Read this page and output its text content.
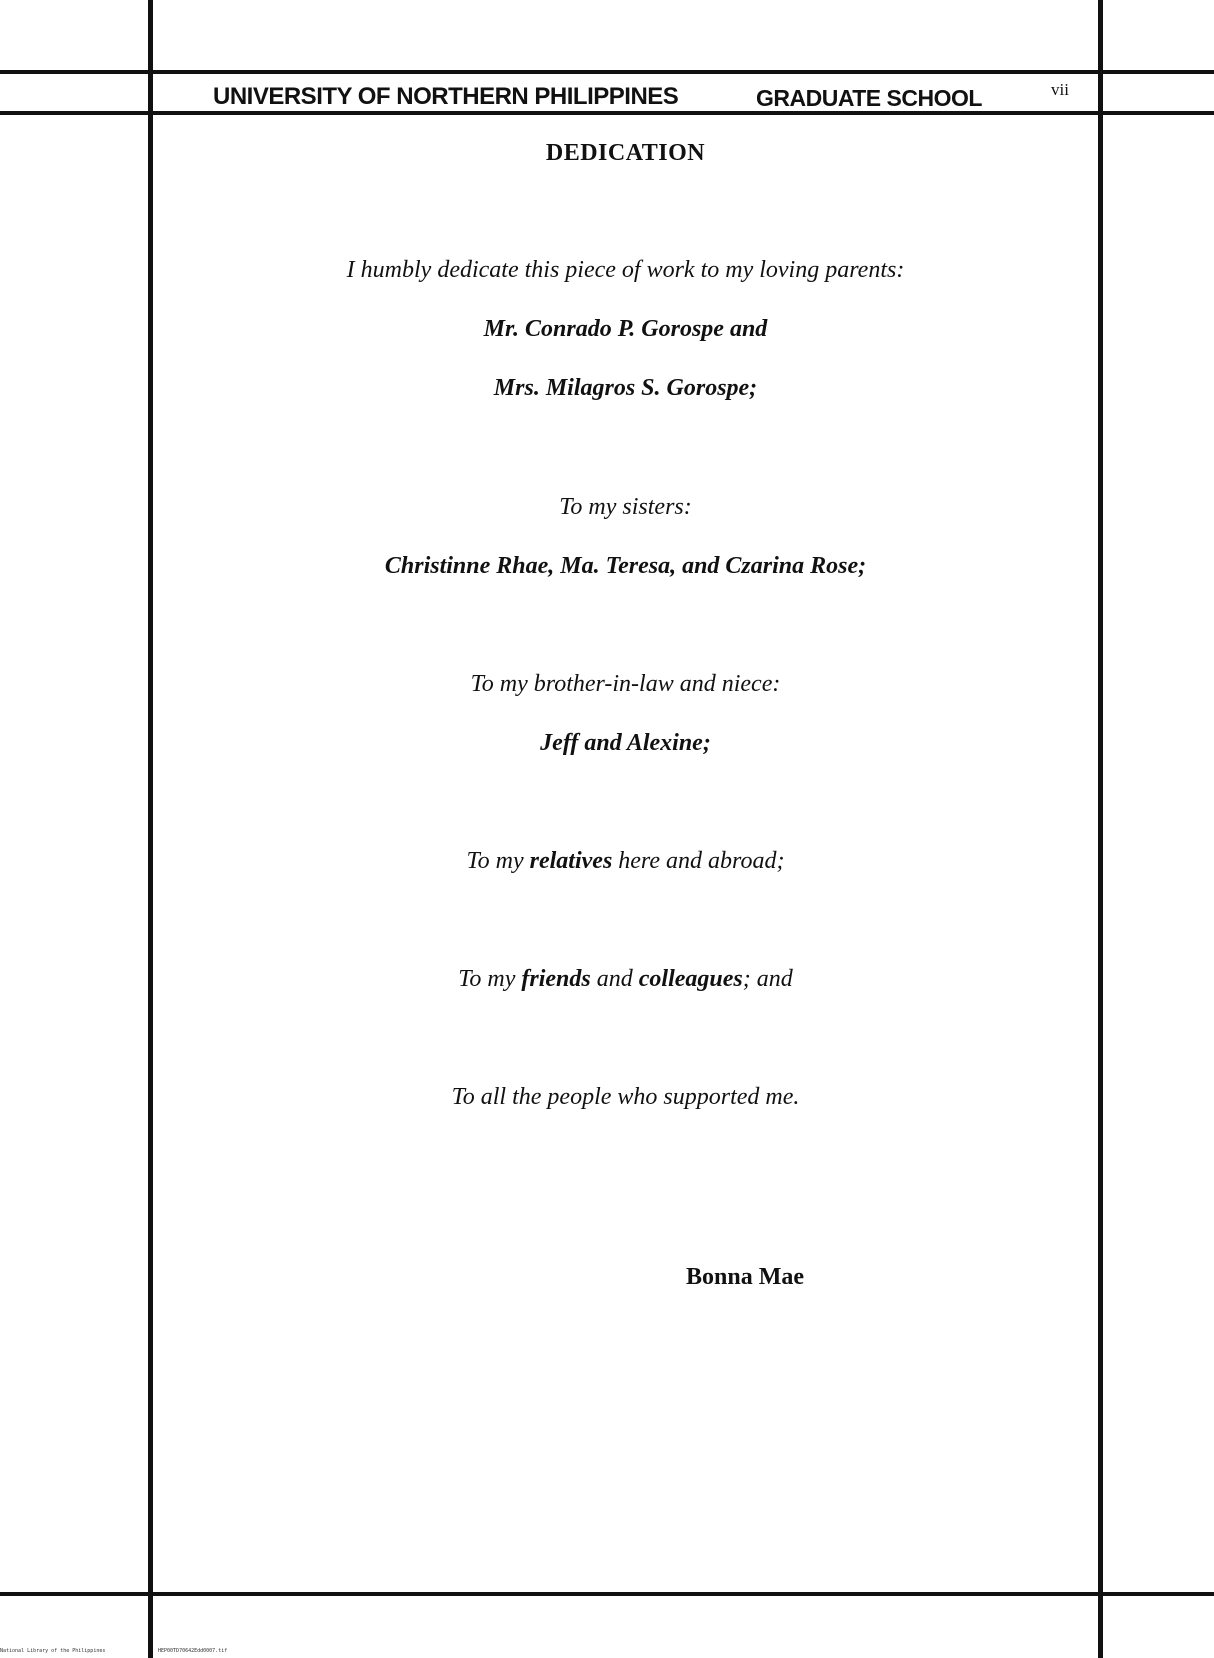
UNIVERSITY OF NORTHERN PHILIPPINES	GRADUATE SCHOOL	vii
DEDICATION
I humbly dedicate this piece of work to my loving parents:
Mr. Conrado P. Gorospe and
Mrs. Milagros S. Gorospe;
To my sisters:
Christinne Rhae, Ma. Teresa, and Czarina Rose;
To my brother-in-law and niece:
Jeff and Alexine;
To my relatives here and abroad;
To my friends and colleagues; and
To all the people who supported me.
Bonna Mae
National Library of the Philippines	HEP00TD70642Edd0007.tif
